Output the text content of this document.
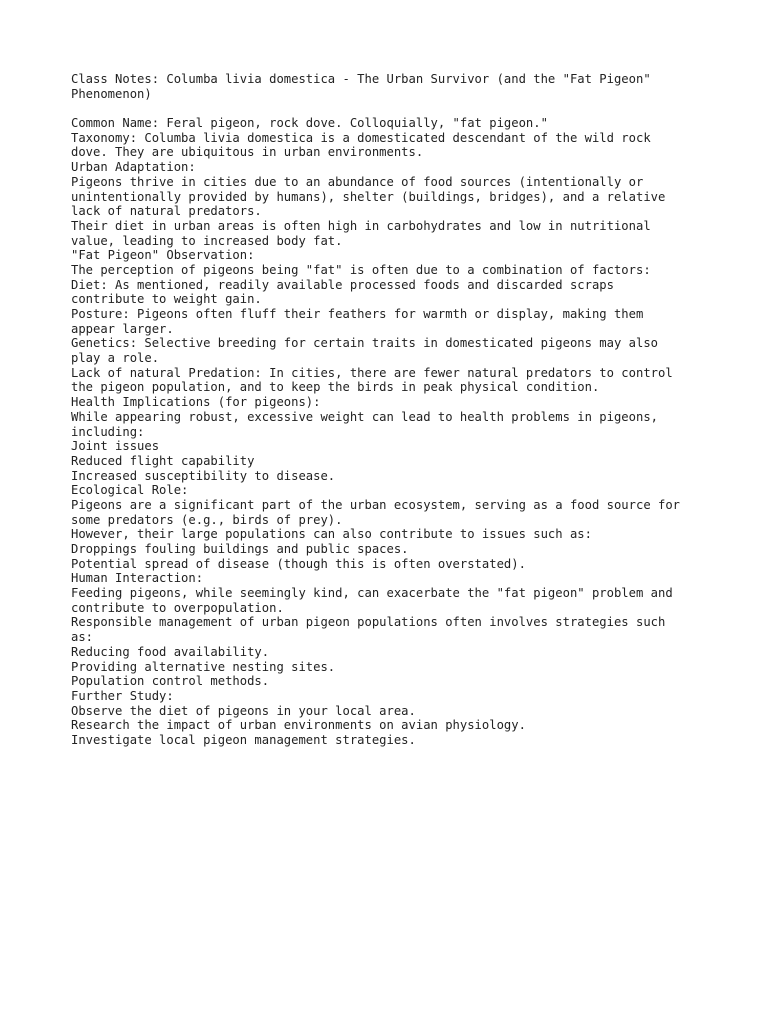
Class Notes: Columba livia domestica - The Urban Survivor (and the "Fat Pigeon"
Phenomenon)
Common Name: Feral pigeon, rock dove. Colloquially, "fat pigeon."
Taxonomy: Columba livia domestica is a domesticated descendant of the wild rock
dove. They are ubiquitous in urban environments.
Urban Adaptation:
Pigeons thrive in cities due to an abundance of food sources (intentionally or
unintentionally provided by humans), shelter (buildings, bridges), and a relative
lack of natural predators.
Their diet in urban areas is often high in carbohydrates and low in nutritional
value, leading to increased body fat.
"Fat Pigeon" Observation:
The perception of pigeons being "fat" is often due to a combination of factors:
Diet: As mentioned, readily available processed foods and discarded scraps
contribute to weight gain.
Posture: Pigeons often fluff their feathers for warmth or display, making them
appear larger.
Genetics: Selective breeding for certain traits in domesticated pigeons may also
play a role.
Lack of natural Predation: In cities, there are fewer natural predators to control
the pigeon population, and to keep the birds in peak physical condition.
Health Implications (for pigeons):
While appearing robust, excessive weight can lead to health problems in pigeons,
including:
Joint issues
Reduced flight capability
Increased susceptibility to disease.
Ecological Role:
Pigeons are a significant part of the urban ecosystem, serving as a food source for
some predators (e.g., birds of prey).
However, their large populations can also contribute to issues such as:
Droppings fouling buildings and public spaces.
Potential spread of disease (though this is often overstated).
Human Interaction:
Feeding pigeons, while seemingly kind, can exacerbate the "fat pigeon" problem and
contribute to overpopulation.
Responsible management of urban pigeon populations often involves strategies such
as:
Reducing food availability.
Providing alternative nesting sites.
Population control methods.
Further Study:
Observe the diet of pigeons in your local area.
Research the impact of urban environments on avian physiology.
Investigate local pigeon management strategies.
